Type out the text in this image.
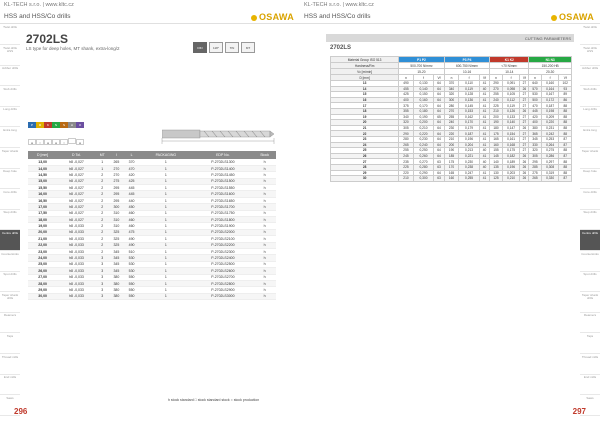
KL-TECH s.r.o. | www.kltc.cz
HSS and HSS/Co drills	OSAWA
Twist drills
Twist drills HSS
Jobber drills
Stub drills
Long drills
Extra long
Taper shank
Deep hole
Core drills
Step drills
Centre drills
Countersinks
Spot drills
Taper shank drills
Reamers
Taps
Thread mills
End mills
Saws
2702LS
LS type for deep holes, MT shank, extra-long/2	DIN	118°	TiN	MT
P M K N S H O
● ○ ● ● ○	●
D [mm]	D Tol.	MT	l	L	PACKAGING	EDP No.	Stock
13,00	h8 -0,027	1	265	370	1	P-2702LS1300	h
14,00	h8 -0,027	1	270	470	1	P-2702LS1400	h
14,50	h8 -0,027	2	270	420	1	P-2702LS1450	h
15,00	h8 -0,027	2	275	425	1	P-2702LS1500	h
15,50	h8 -0,027	2	295	445	1	P-2702LS1550	h
16,00	h8 -0,027	2	295	445	1	P-2702LS1600	h
16,50	h8 -0,027	2	295	440	1	P-2702LS1650	h
17,00	h8 -0,027	2	300	450	1	P-2702LS1700	h
17,50	h8 -0,027	2	310	460	1	P-2702LS1750	h
18,00	h8 -0,027	2	310	460	1	P-2702LS1800	h
19,00	h8 -0,033	2	310	460	1	P-2702LS1900	h
20,00	h8 -0,033	2	325	475	1	P-2702LS2000	h
21,00	h8 -0,033	2	325	490	1	P-2702LS2100	h
22,00	h8 -0,033	2	325	490	1	P-2702LS2200	h
23,00	h8 -0,033	2	345	510	1	P-2702LS2300	h
24,00	h8 -0,033	3	345	530	1	P-2702LS2400	h
25,00	h8 -0,033	3	345	530	1	P-2702LS2500	h
26,00	h8 -0,033	3	345	530	1	P-2702LS2600	h
27,00	h8 -0,033	3	380	550	1	P-2702LS2700	h
28,00	h8 -0,033	3	380	550	1	P-2702LS2800	h
29,00	h8 -0,033	3	380	550	1	P-2702LS2900	h
30,00	h8 -0,033	3	380	550	1	P-2702LS3000	h
h stock standard □ stock standard stock ○ stock production
296
KL-TECH s.r.o. | www.kltc.cz
HSS and HSS/Co drills	OSAWA
Twist drills
Twist drills HSS
Jobber drills
Stub drills
Long drills
Extra long
Taper shank
Deep hole
Core drills
Step drills
Centre drills
Countersinks
Spot drills
Taper shank drills
Reamers
Taps
Thread mills
End mills
Saws
297
CUTTING PARAMETERS
2702LS
Material Group ISO 513	P1 P2			P3 P4			K1 K2			N1 N3		
Hardness/Rm	500-700 N/mm²			600-750 N/mm²			<70 N/mm²			150-200 HB		
Vc [m/min]	15-20			10-16			10-14			20-30		
D [mm]	n	f	Vf	n	f	Vf	n	f	Vf	n	f	Vf
13	490	0,130	64	370	0,110	41	290	0,091	27	640	0,160	102
14	455	0,140	64	340	0,119	40	270	0,098	26	570	0,164	93
15	425	0,150	64	320	0,128	41	255	0,105	27	530	0,167	89
16	400	0,160	64	300	0,136	41	240	0,112	27	500	0,172	86
17	375	0,170	64	280	0,145	41	225	0,119	27	470	0,187	88
18	355	0,180	64	270	0,153	41	210	0,126	26	445	0,198	88
19	340	0,190	65	255	0,162	41	200	0,133	27	420	0,209	88
20	320	0,200	64	240	0,170	41	190	0,140	27	400	0,220	88
21	305	0,210	64	230	0,179	41	180	0,147	26	380	0,231	88
22	290	0,220	64	220	0,187	41	175	0,154	27	365	0,242	88
23	280	0,230	64	210	0,196	41	165	0,161	27	345	0,253	87
24	265	0,240	64	200	0,204	41	160	0,168	27	330	0,264	87
25	255	0,250	64	190	0,213	40	155	0,175	27	320	0,275	88
26	245	0,260	64	185	0,221	41	145	0,182	26	305	0,286	87
27	235	0,270	63	175	0,230	40	140	0,189	26	295	0,297	88
28	225	0,280	63	170	0,238	40	135	0,196	26	285	0,308	88
29	220	0,290	64	165	0,247	41	130	0,203	26	275	0,319	88
30	210	0,300	63	160	0,255	41	125	0,210	26	265	0,330	87
